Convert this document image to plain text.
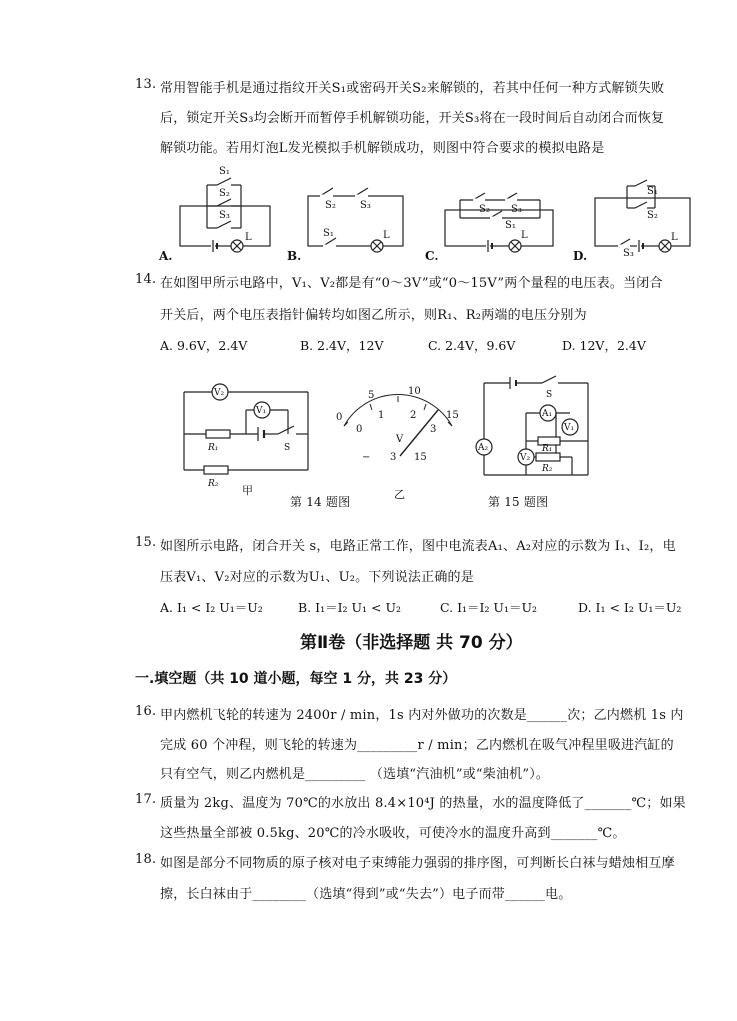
13. 常用智能手机是通过指纹开关S₁或密码开关S₂来解锁的，若其中任何一种方式解锁失败
后，锁定开关S₃均会断开而暂停手机解锁功能，开关S₃将在一段时间后自动闭合而恢复
解锁功能。若用灯泡L发光模拟手机解锁成功，则图中符合要求的模拟电路是
S₁
S₂
S₃
L
S₂ S₃
S₁	L
S₂ S₃
S₁
L
S₁
S₂
S₃
L
A.	B.	C.	D.
14. 在如图甲所示电路中，V₁、V₂都是有“0～3V”或“0～15V”两个量程的电压表。当闭合
开关后，两个电压表指针偏转均如图乙所示，则R₁、R₂两端的电压分别为
A. 9.6V，2.4V	B. 2.4V，12V	C. 2.4V，9.6V	D. 12V，2.4V
V₂
V₁
R₁	S
R₂ 甲
0
5	10
15
0
1	2
3
V
− 3 15
乙
S
A₁
V₁
A₂
V₂
R₁
R₂
第 14 题图	第 15 题图
15. 如图所示电路，闭合开关 s，电路正常工作，图中电流表A₁、A₂对应的示数为 I₁、I₂，电
压表V₁、V₂对应的示数为U₁、U₂。下列说法正确的是
A. I₁ < I₂ U₁＝U₂	B. I₁＝I₂ U₁ < U₂	C. I₁＝I₂ U₁＝U₂	D. I₁ < I₂ U₁＝U₂
第Ⅱ卷（非选择题 共 70 分）
一.填空题（共 10 道小题，每空 1 分，共 23 分）
16. 甲内燃机飞轮的转速为 2400r / min，1s 内对外做功的次数是______次；乙内燃机 1s 内
完成 60 个冲程，则飞轮的转速为_________r / min；乙内燃机在吸气冲程里吸进汽缸的
只有空气，则乙内燃机是_________ （选填“汽油机”或“柴油机”）。
17. 质量为 2kg、温度为 70℃的水放出 8.4×10⁴J 的热量，水的温度降低了_______℃；如果
这些热量全部被 0.5kg、20℃的冷水吸收，可使冷水的温度升高到_______℃。
18. 如图是部分不同物质的原子核对电子束缚能力强弱的排序图，可判断长白袜与蜡烛相互摩
擦，长白袜由于________（选填“得到”或“失去”）电子而带______电。
